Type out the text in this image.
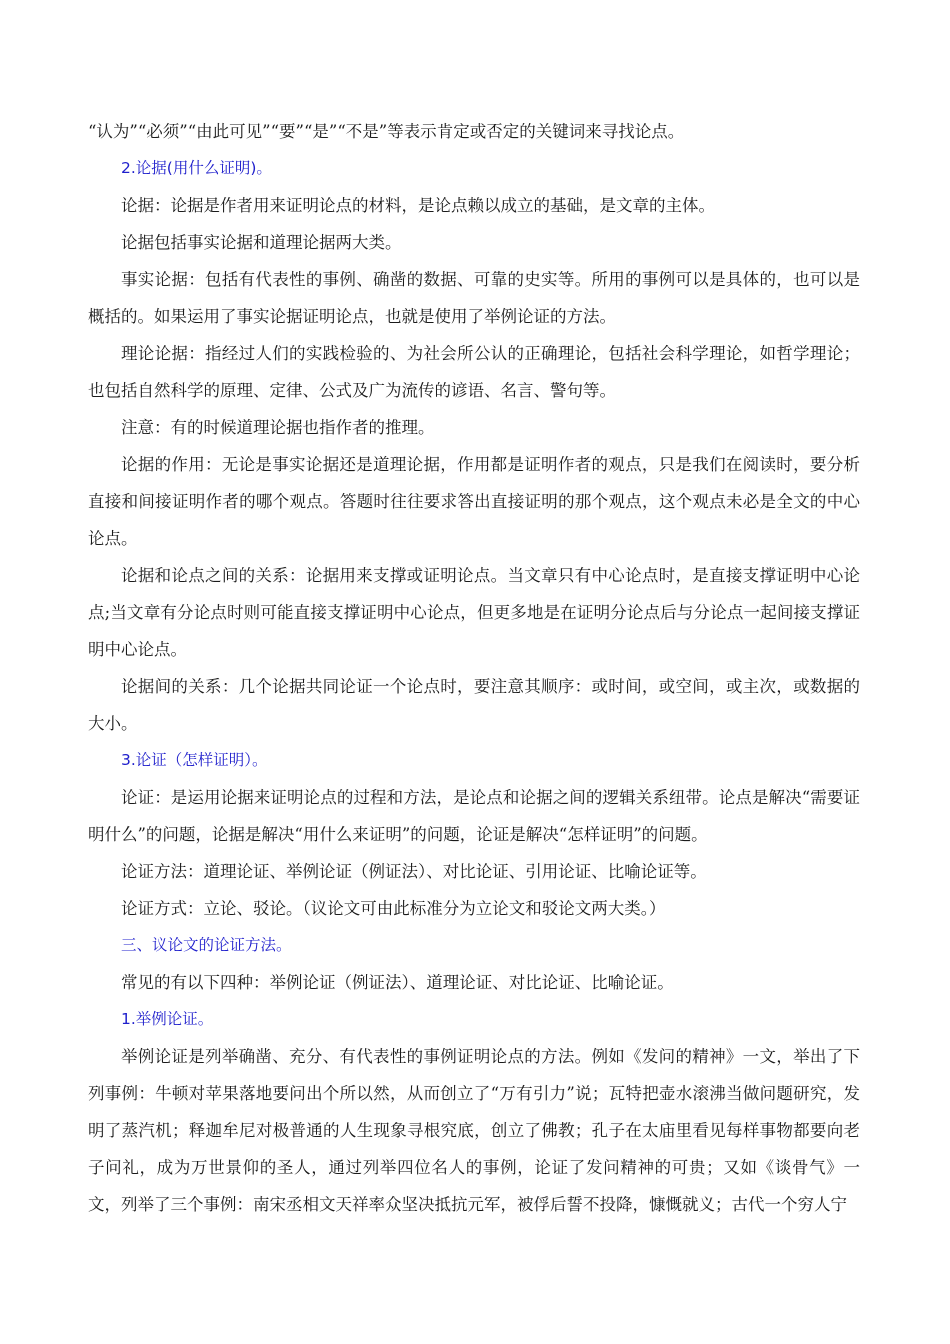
“认为”“必须”“由此可见”“要”“是”“不是”等表示肯定或否定的关键词来寻找论点。

2.论据(用什么证明)。

论据：论据是作者用来证明论点的材料，是论点赖以成立的基础，是文章的主体。

论据包括事实论据和道理论据两大类。

事实论据：包括有代表性的事例、确凿的数据、可靠的史实等。所用的事例可以是具体的，也可以是概括的。如果运用了事实论据证明论点，也就是使用了举例论证的方法。

理论论据：指经过人们的实践检验的、为社会所公认的正确理论，包括社会科学理论，如哲学理论；也包括自然科学的原理、定律、公式及广为流传的谚语、名言、警句等。

注意：有的时候道理论据也指作者的推理。

论据的作用：无论是事实论据还是道理论据，作用都是证明作者的观点，只是我们在阅读时，要分析直接和间接证明作者的哪个观点。答题时往往要求答出直接证明的那个观点，这个观点未必是全文的中心论点。

论据和论点之间的关系：论据用来支撑或证明论点。当文章只有中心论点时，是直接支撑证明中心论点;当文章有分论点时则可能直接支撑证明中心论点，但更多地是在证明分论点后与分论点一起间接支撑证明中心论点。

论据间的关系：几个论据共同论证一个论点时，要注意其顺序：或时间，或空间，或主次，或数据的大小。

3.论证（怎样证明）。

论证：是运用论据来证明论点的过程和方法，是论点和论据之间的逻辑关系纽带。论点是解决“需要证明什么”的问题，论据是解决“用什么来证明”的问题，论证是解决“怎样证明”的问题。

论证方法：道理论证、举例论证（例证法）、对比论证、引用论证、比喻论证等。

论证方式：立论、驳论。（议论文可由此标准分为立论文和驳论文两大类。）

三、议论文的论证方法。

常见的有以下四种：举例论证（例证法）、道理论证、对比论证、比喻论证。

1.举例论证。

举例论证是列举确凿、充分、有代表性的事例证明论点的方法。例如《发问的精神》一文，举出了下列事例：牛顿对苹果落地要问出个所以然，从而创立了“万有引力”说；瓦特把壶水滚沸当做问题研究，发明了蒸汽机；释迦牟尼对极普通的人生现象寻根究底，创立了佛教；孔子在太庙里看见每样事物都要向老子问礼，成为万世景仰的圣人，通过列举四位名人的事例，论证了发问精神的可贵；又如《谈骨气》一文，列举了三个事例：南宋丞相文天祥率众坚决抵抗元军，被俘后誓不投降，慷慨就义；古代一个穷人宁
